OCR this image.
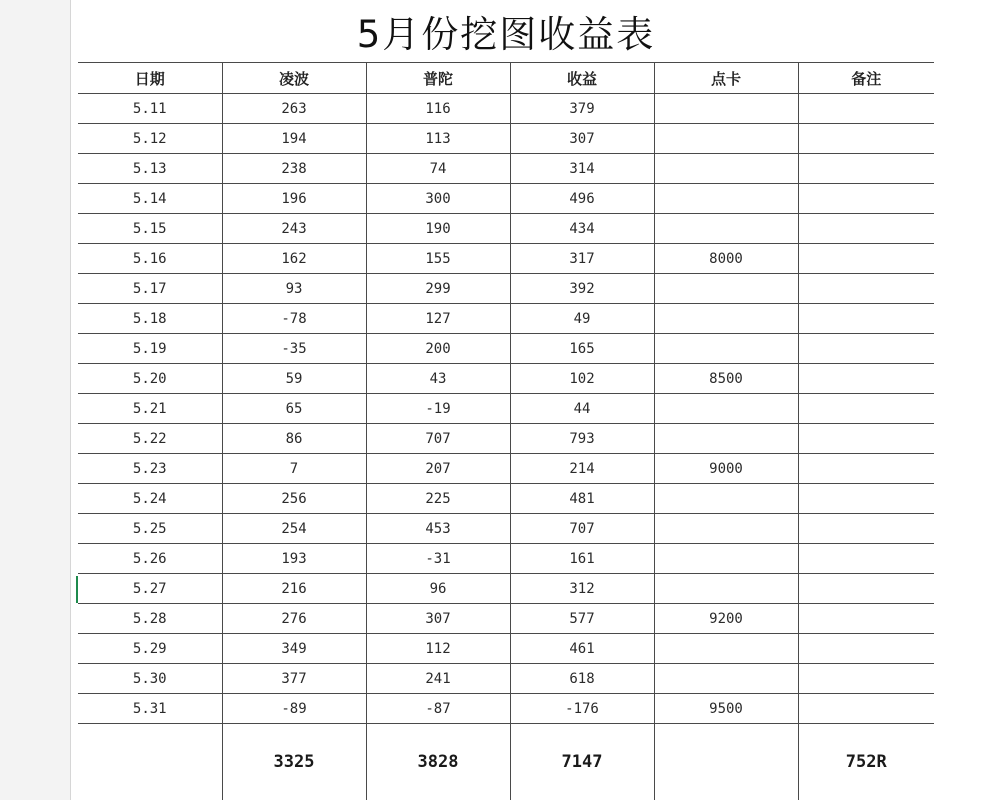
5月份挖图收益表
日期	凌波	普陀	收益	点卡	备注
5.11	263	116	379		
5.12	194	113	307		
5.13	238	74	314		
5.14	196	300	496		
5.15	243	190	434		
5.16	162	155	317	8000	
5.17	93	299	392		
5.18	-78	127	49		
5.19	-35	200	165		
5.20	59	43	102	8500	
5.21	65	-19	44		
5.22	86	707	793		
5.23	7	207	214	9000	
5.24	256	225	481		
5.25	254	453	707		
5.26	193	-31	161		
5.27	216	96	312		
5.28	276	307	577	9200	
5.29	349	112	461		
5.30	377	241	618		
5.31	-89	-87	-176	9500	
	3325	3828	7147		752R
